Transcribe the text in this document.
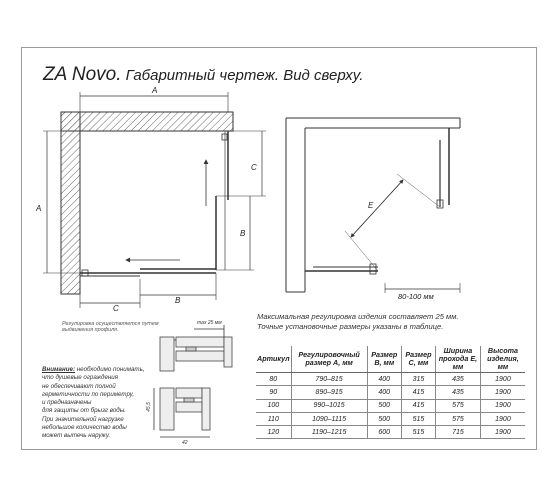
ZA Novo. Габаритный чертеж. Вид сверху.
A
A
C
B
C
B
E
80-100 мм
max 25 мм
42
45,5
Регулировка осуществляется путем
выдвижения профиля.
Максимальная регулировка изделия составляет 25 мм.
Точные установочные размеры указаны в таблице.
Внимание: необходимо понимать,
что душевые ограждения
не обеспечивают полной
герметичности по периметру,
и предназначены
для защиты от брызг воды.
При значительной нагрузке
небольшое количество воды
может вытечь наружу.
Артикул	Регулировочный размер A, мм	Размер B, мм	Размер C, мм	Ширина прохода E, мм	Высота изделия, мм
80	790–815	400	315	435	1900
90	890–915	400	415	435	1900
100	990–1015	500	415	575	1900
110	1090–1115	500	515	575	1900
120	1190–1215	600	515	715	1900
